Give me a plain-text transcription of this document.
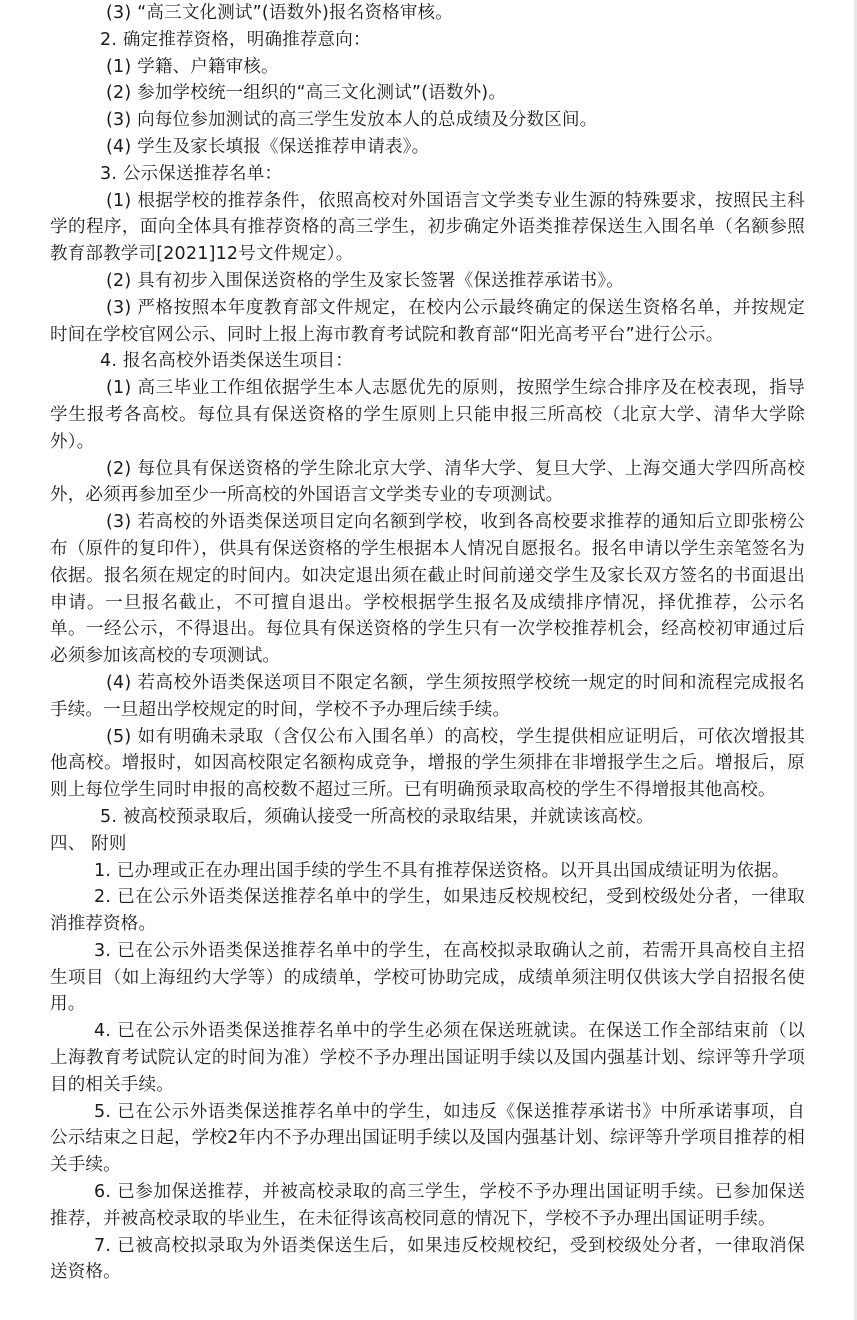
(3) “高三文化测试”(语数外)报名资格审核。

2. 确定推荐资格，明确推荐意向：

(1) 学籍、户籍审核。

(2) 参加学校统一组织的“高三文化测试”(语数外)。

(3) 向每位参加测试的高三学生发放本人的总成绩及分数区间。

(4) 学生及家长填报《保送推荐申请表》。

3. 公示保送推荐名单：

(1) 根据学校的推荐条件，依照高校对外国语言文学类专业生源的特殊要求，按照民主科学的程序，面向全体具有推荐资格的高三学生，初步确定外语类推荐保送生入围名单（名额参照教育部教学司[2021]12号文件规定）。

(2) 具有初步入围保送资格的学生及家长签署《保送推荐承诺书》。

(3) 严格按照本年度教育部文件规定，在校内公示最终确定的保送生资格名单，并按规定时间在学校官网公示、同时上报上海市教育考试院和教育部“阳光高考平台”进行公示。

4. 报名高校外语类保送生项目：

(1) 高三毕业工作组依据学生本人志愿优先的原则，按照学生综合排序及在校表现，指导学生报考各高校。每位具有保送资格的学生原则上只能申报三所高校（北京大学、清华大学除外）。

(2) 每位具有保送资格的学生除北京大学、清华大学、复旦大学、上海交通大学四所高校外，必须再参加至少一所高校的外国语言文学类专业的专项测试。

(3) 若高校的外语类保送项目定向名额到学校，收到各高校要求推荐的通知后立即张榜公布（原件的复印件），供具有保送资格的学生根据本人情况自愿报名。报名申请以学生亲笔签名为依据。报名须在规定的时间内。如决定退出须在截止时间前递交学生及家长双方签名的书面退出申请。一旦报名截止，不可擅自退出。学校根据学生报名及成绩排序情况，择优推荐，公示名单。一经公示，不得退出。每位具有保送资格的学生只有一次学校推荐机会，经高校初审通过后必须参加该高校的专项测试。

(4) 若高校外语类保送项目不限定名额，学生须按照学校统一规定的时间和流程完成报名手续。一旦超出学校规定的时间，学校不予办理后续手续。

(5) 如有明确未录取（含仅公布入围名单）的高校，学生提供相应证明后，可依次增报其他高校。增报时，如因高校限定名额构成竞争，增报的学生须排在非增报学生之后。增报后，原则上每位学生同时申报的高校数不超过三所。已有明确预录取高校的学生不得增报其他高校。

5. 被高校预录取后，须确认接受一所高校的录取结果，并就读该高校。

四、 附则

1. 已办理或正在办理出国手续的学生不具有推荐保送资格。以开具出国成绩证明为依据。

2. 已在公示外语类保送推荐名单中的学生，如果违反校规校纪，受到校级处分者，一律取消推荐资格。

3. 已在公示外语类保送推荐名单中的学生，在高校拟录取确认之前，若需开具高校自主招生项目（如上海纽约大学等）的成绩单，学校可协助完成，成绩单须注明仅供该大学自招报名使用。

4. 已在公示外语类保送推荐名单中的学生必须在保送班就读。在保送工作全部结束前（以上海教育考试院认定的时间为准）学校不予办理出国证明手续以及国内强基计划、综评等升学项目的相关手续。

5. 已在公示外语类保送推荐名单中的学生，如违反《保送推荐承诺书》中所承诺事项，自公示结束之日起，学校2年内不予办理出国证明手续以及国内强基计划、综评等升学项目推荐的相关手续。

6. 已参加保送推荐，并被高校录取的高三学生，学校不予办理出国证明手续。已参加保送推荐，并被高校录取的毕业生，在未征得该高校同意的情况下，学校不予办理出国证明手续。

7. 已被高校拟录取为外语类保送生后，如果违反校规校纪，受到校级处分者，一律取消保送资格。
